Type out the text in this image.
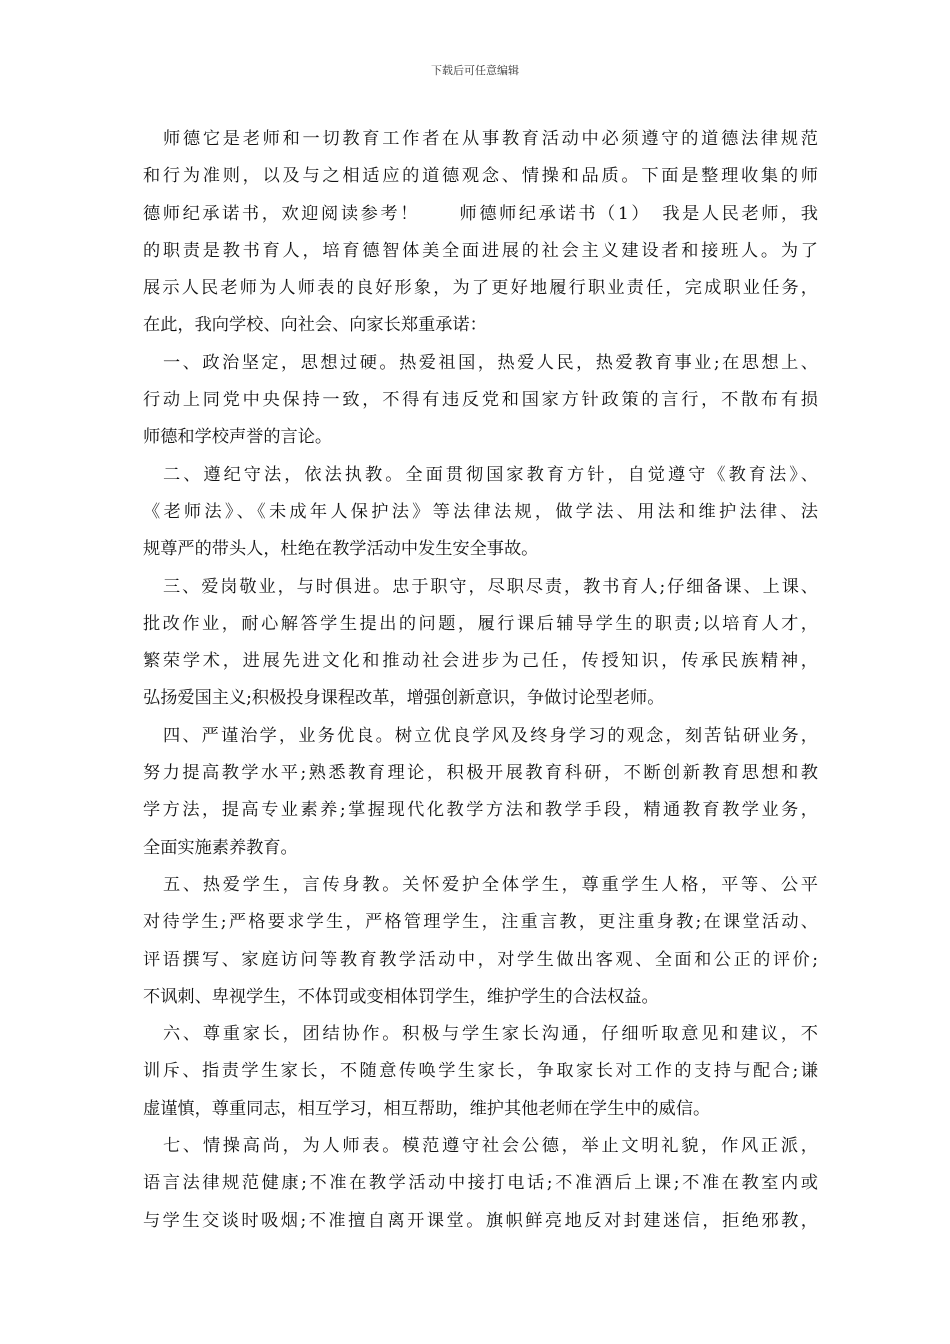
下载后可任意编辑
师德它是老师和一切教育工作者在从事教育活动中必须遵守的道德法律规范
和行为准则，以及与之相适应的道德观念、情操和品质。下面是整理收集的师
德师纪承诺书，欢迎阅读参考！　　师德师纪承诺书（1）　我是人民老师，我
的职责是教书育人，培育德智体美全面进展的社会主义建设者和接班人。为了
展示人民老师为人师表的良好形象，为了更好地履行职业责任，完成职业任务，
在此，我向学校、向社会、向家长郑重承诺：
一、政治坚定，思想过硬。热爱祖国，热爱人民，热爱教育事业;在思想上、
行动上同党中央保持一致，不得有违反党和国家方针政策的言行，不散布有损
师德和学校声誉的言论。
二、遵纪守法，依法执教。全面贯彻国家教育方针，自觉遵守《教育法》、
《老师法》、《未成年人保护法》等法律法规，做学法、用法和维护法律、法
规尊严的带头人，杜绝在教学活动中发生安全事故。
三、爱岗敬业，与时俱进。忠于职守，尽职尽责，教书育人;仔细备课、上课、
批改作业，耐心解答学生提出的问题，履行课后辅导学生的职责;以培育人才，
繁荣学术，进展先进文化和推动社会进步为己任，传授知识，传承民族精神，
弘扬爱国主义;积极投身课程改革，增强创新意识，争做讨论型老师。
四、严谨治学，业务优良。树立优良学风及终身学习的观念，刻苦钻研业务，
努力提高教学水平;熟悉教育理论，积极开展教育科研，不断创新教育思想和教
学方法，提高专业素养;掌握现代化教学方法和教学手段，精通教育教学业务，
全面实施素养教育。
五、热爱学生，言传身教。关怀爱护全体学生，尊重学生人格，平等、公平
对待学生;严格要求学生，严格管理学生，注重言教，更注重身教;在课堂活动、
评语撰写、家庭访问等教育教学活动中，对学生做出客观、全面和公正的评价;
不讽刺、卑视学生，不体罚或变相体罚学生，维护学生的合法权益。
六、尊重家长，团结协作。积极与学生家长沟通，仔细听取意见和建议，不
训斥、指责学生家长，不随意传唤学生家长，争取家长对工作的支持与配合;谦
虚谨慎，尊重同志，相互学习，相互帮助，维护其他老师在学生中的威信。
七、情操高尚，为人师表。模范遵守社会公德，举止文明礼貌，作风正派，
语言法律规范健康;不准在教学活动中接打电话;不准酒后上课;不准在教室内或
与学生交谈时吸烟;不准擅自离开课堂。旗帜鲜亮地反对封建迷信，拒绝邪教，
